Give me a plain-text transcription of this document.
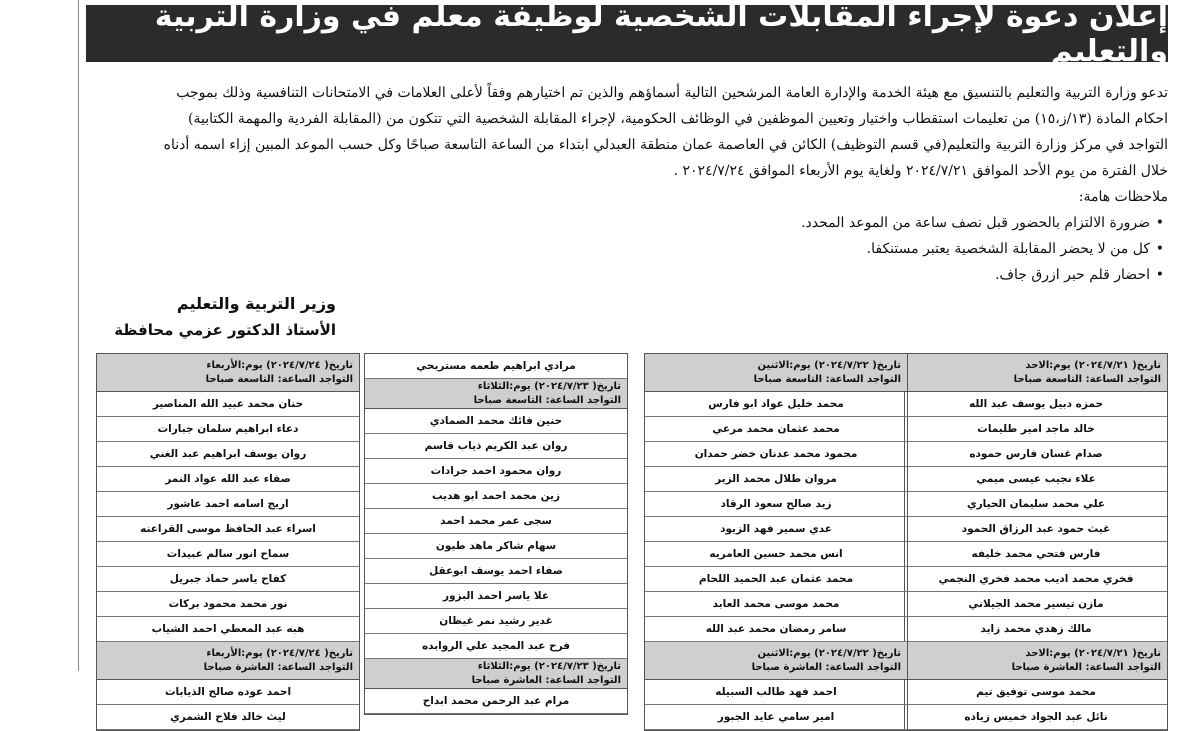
إعلان دعوة لإجراء المقابلات الشخصية لوظيفة معلم في وزارة التربية والتعليم

تدعو وزارة التربية والتعليم بالتنسيق مع هيئة الخدمة والإدارة العامة المرشحين التالية أسماؤهم والذين تم اختيارهم وفقاً لأعلى العلامات في الامتحانات التنافسية وذلك بموجب

احكام المادة (١٣/ز،١٥) من تعليمات استقطاب واختيار وتعيين الموظفين في الوظائف الحكومية، لإجراء المقابلة الشخصية التي تتكون من (المقابلة الفردية والمهمة الكتابية)

التواجد في مركز وزارة التربية والتعليم(في قسم التوظيف) الكائن في العاصمة عمان منطقة العبدلي ابتداء من الساعة التاسعة صباحًا وكل حسب الموعد المبين إزاء اسمه أدناه

خلال الفترة من يوم الأحد الموافق ٢٠٢٤/٧/٢١ ولغاية يوم الأربعاء الموافق ٢٠٢٤/٧/٢٤ .

ملاحظات هامة:

• ضرورة الالتزام بالحضور قبل نصف ساعة من الموعد المحدد.
• كل من لا يحضر المقابلة الشخصية يعتبر مستنكفا.
• احضار قلم حبر ازرق جاف.
وزير التربية والتعليم
الأستاذ الدكتور عزمي محافظة
تاريخ( ٢٠٢٤/٧/٢١) يوم:الاحد
التواجد الساعة: التاسعة صباحا
حمزه دبيل يوسف عبد الله
خالد ماجد امير طليمات
صدام غسان فارس حموده
علاء نجيب عيسى ميمي
علي محمد سليمان الحياري
غيث حمود عبد الرزاق الحمود
فارس فتحي محمد خليفه
فخري محمد اديب محمد فخري النجمي
مازن تيسير محمد الجيلاني
مالك زهدي محمد زايد
تاريخ( ٢٠٢٤/٧/٢١) يوم:الاحد
التواجد الساعة: العاشرة صباحا
محمد موسى توفيق تيم
نائل عبد الجواد خميس زياده
تاريخ( ٢٠٢٤/٧/٢٢) يوم:الاثنين
التواجد الساعة: التاسعة صباحا
محمد خليل عواد ابو فارس
محمد عثمان محمد مرعي
محمود محمد عدنان خضر حمدان
مروان طلال محمد الزير
زيد صالح سعود الرقاد
عدي سمير فهد الزيود
انس محمد حسين العامريه
محمد عثمان عبد الحميد اللحام
محمد موسى محمد العابد
سامر رمضان محمد عبد الله
تاريخ( ٢٠٢٤/٧/٢٢) يوم:الاثنين
التواجد الساعة: العاشرة صباحا
احمد فهد طالب السبيله
امير سامي عايد الجبور
مرادي ابراهيم طعمه مستريحي
تاريخ( ٢٠٢٤/٧/٢٣) يوم:الثلاثاء
التواجد الساعة: التاسعة صباحا
حنين فائك محمد الصمادي
روان عبد الكريم ذياب قاسم
روان محمود احمد جرادات
زين محمد احمد ابو هديب
سجى عمر محمد احمد
سهام شاكر ماهد طيون
صفاء احمد يوسف ابوعقل
علا ياسر احمد البزور
غدير رشيد نمر غيظان
فرح عبد المجيد علي الروابده
تاريخ( ٢٠٢٤/٧/٢٣) يوم:الثلاثاء
التواجد الساعة: العاشرة صباحا
مرام عبد الرحمن محمد ابداح
تاريخ( ٢٠٢٤/٧/٢٤) يوم:الأربعاء
التواجد الساعة: التاسعة صباحا
حنان محمد عبيد الله المناصير
دعاء ابراهيم سلمان جبارات
روان يوسف ابراهيم عبد الغني
صفاء عبد الله عواد النمر
اريج اسامه احمد عاشور
اسراء عبد الحافظ موسى القراعنه
سماح انور سالم عبيدات
كفاح ياسر حماد جبريل
نور محمد محمود بركات
هبه عبد المعطي احمد الشياب
تاريخ( ٢٠٢٤/٧/٢٤) يوم:الأربعاء
التواجد الساعة: العاشرة صباحا
احمد عوده صالح الذيابات
ليث خالد فلاح الشمري
